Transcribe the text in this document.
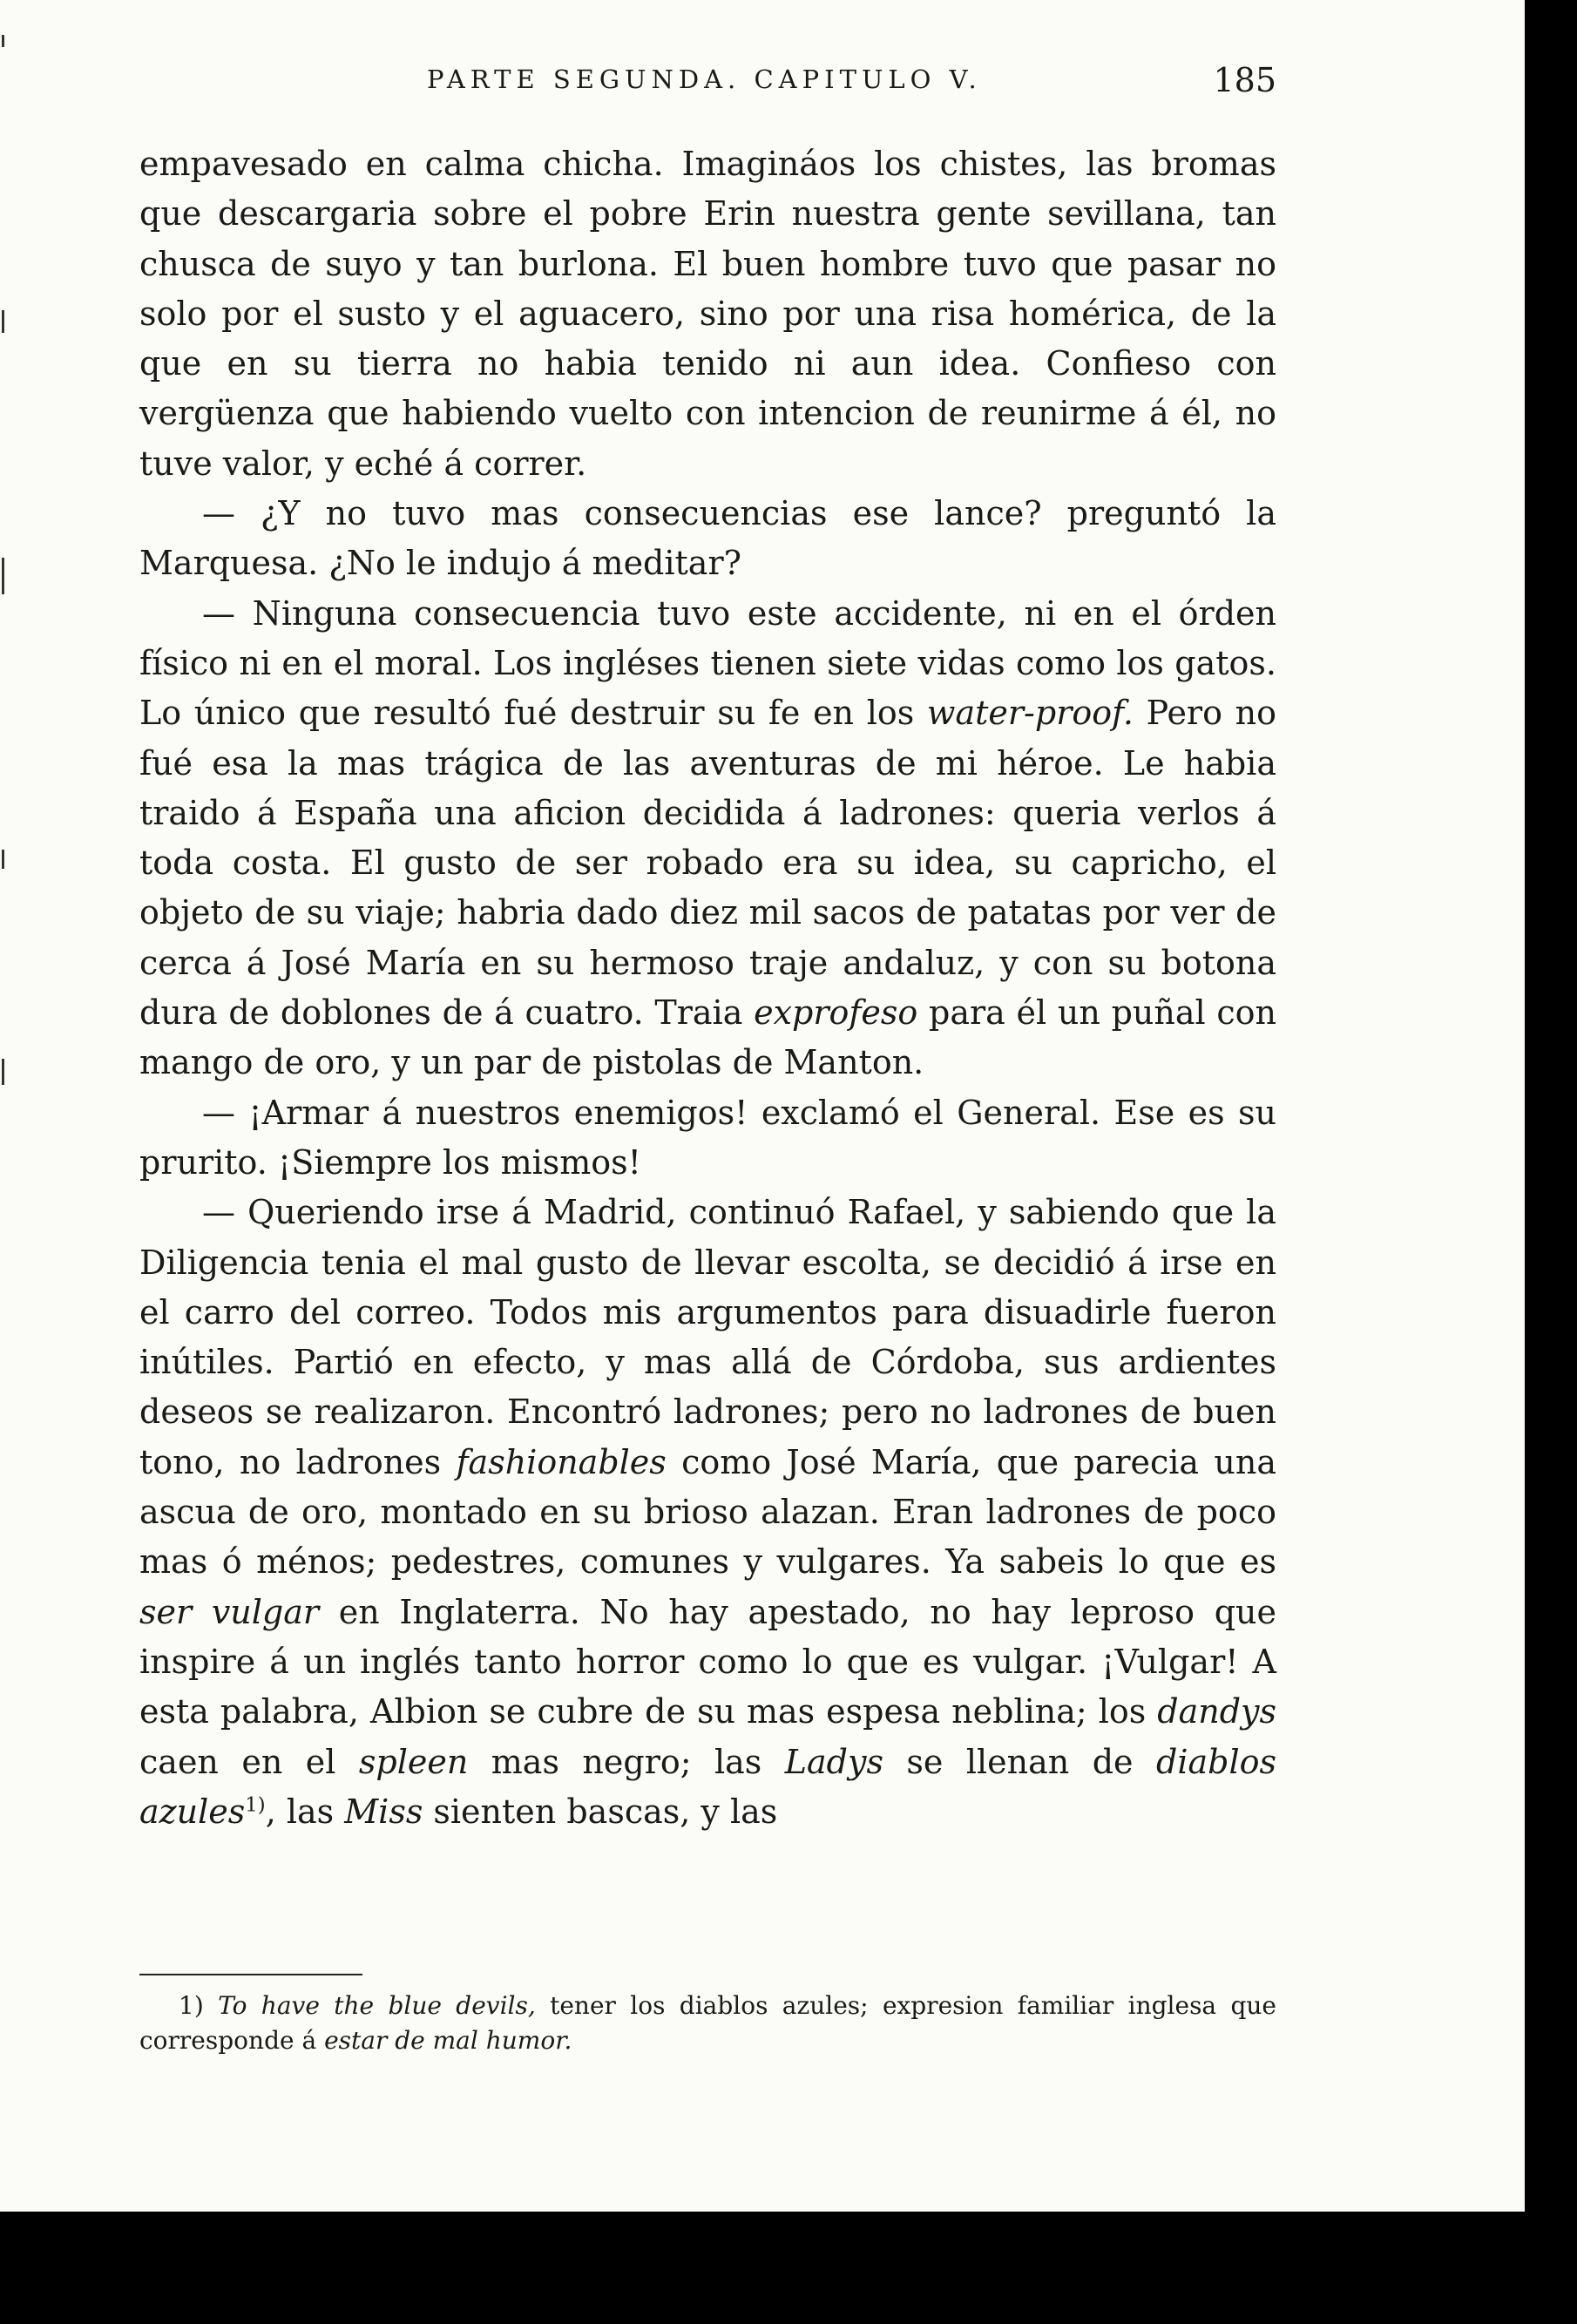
PARTE SEGUNDA. CAPITULO V.	185

empavesado en calma chicha. Imagináos los chistes, las bromas que descargaria sobre el pobre Erin nuestra gente sevillana, tan chusca de suyo y tan burlona. El buen hombre tuvo que pasar no solo por el susto y el aguacero, sino por una risa homérica, de la que en su tierra no habia tenido ni aun idea. Confieso con vergüenza que habiendo vuelto con intencion de reunirme á él, no tuve valor, y eché á correr.

— ¿Y no tuvo mas consecuencias ese lance? preguntó la Marquesa. ¿No le indujo á meditar?

— Ninguna consecuencia tuvo este accidente, ni en el órden físico ni en el moral. Los ingléses tienen siete vidas como los gatos. Lo único que resultó fué destruir su fe en los water-proof. Pero no fué esa la mas trágica de las aventuras de mi héroe. Le habia traido á España una aficion decidida á ladrones: queria verlos á toda costa. El gusto de ser robado era su idea, su capricho, el objeto de su viaje; habria dado diez mil sacos de patatas por ver de cerca á José María en su hermoso traje andaluz, y con su botona dura de doblones de á cuatro. Traia exprofeso para él un puñal con mango de oro, y un par de pistolas de Manton.

— ¡Armar á nuestros enemigos! exclamó el General. Ese es su prurito. ¡Siempre los mismos!

— Queriendo irse á Madrid, continuó Rafael, y sabiendo que la Diligencia tenia el mal gusto de llevar escolta, se decidió á irse en el carro del correo. Todos mis argumentos para disuadirle fueron inútiles. Partió en efecto, y mas allá de Córdoba, sus ardientes deseos se realizaron. Encontró ladrones; pero no ladrones de buen tono, no ladrones fashionables como José María, que parecia una ascua de oro, montado en su brioso alazan. Eran ladrones de poco mas ó ménos; pedestres, comunes y vulgares. Ya sabeis lo que es ser vulgar en Inglaterra. No hay apestado, no hay leproso que inspire á un inglés tanto horror como lo que es vulgar. ¡Vulgar! A esta palabra, Albion se cubre de su mas espesa neblina; los dandys caen en el spleen mas negro; las Ladys se llenan de diablos azules$^{1)}$, las Miss sienten bascas, y las

1) To have the blue devils, tener los diablos azules; expresion familiar inglesa que corresponde á estar de mal humor.
